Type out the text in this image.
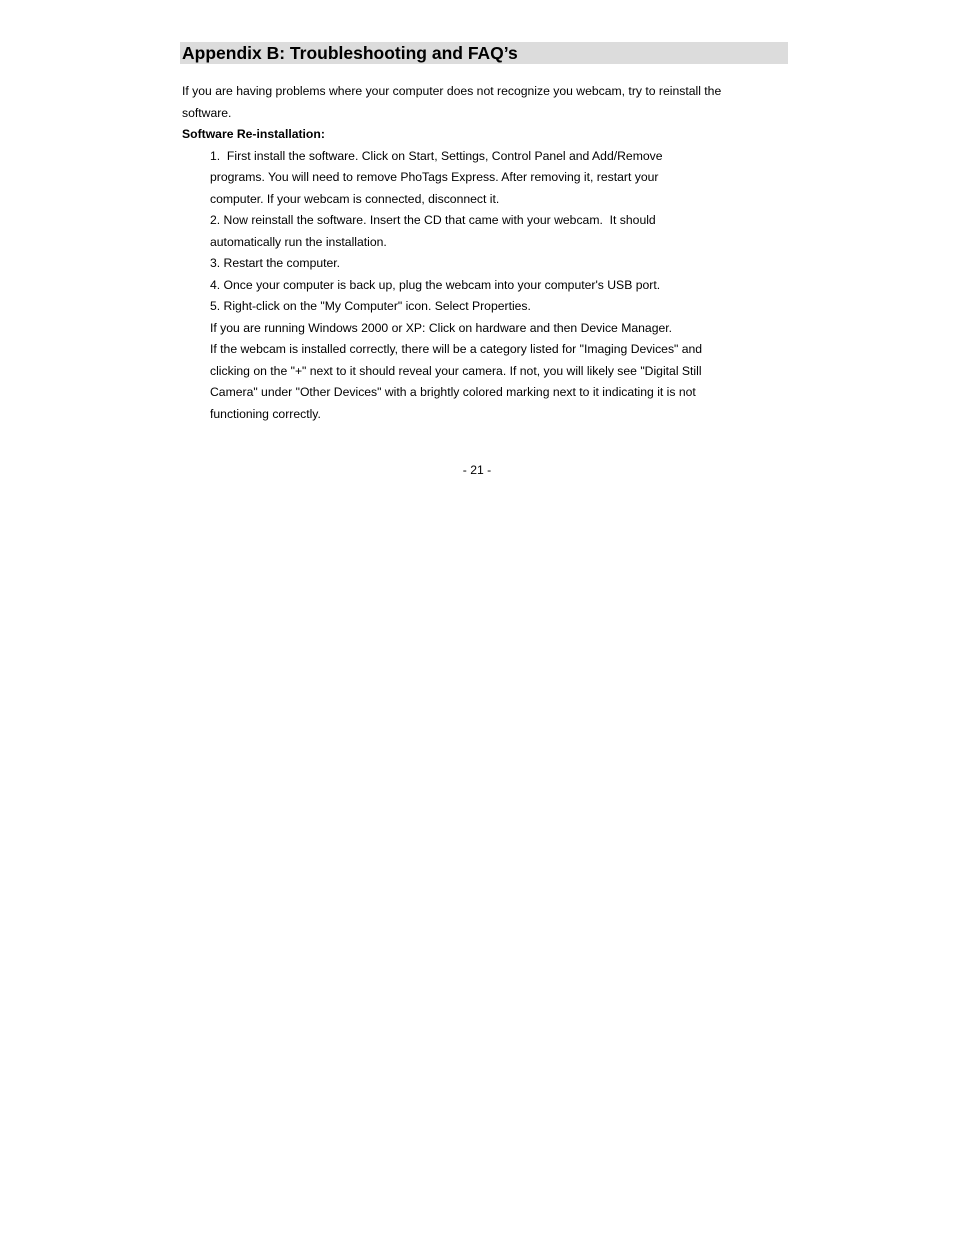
Appendix B: Troubleshooting and FAQ’s
If you are having problems where your computer does not recognize you webcam, try to reinstall the
software.
Software Re-installation:
1.  First install the software. Click on Start, Settings, Control Panel and Add/Remove
programs. You will need to remove PhoTags Express. After removing it, restart your
computer. If your webcam is connected, disconnect it.
2. Now reinstall the software. Insert the CD that came with your webcam.  It should
automatically run the installation.
3. Restart the computer.
4. Once your computer is back up, plug the webcam into your computer's USB port.
5. Right-click on the "My Computer" icon. Select Properties.
If you are running Windows 2000 or XP: Click on hardware and then Device Manager.
If the webcam is installed correctly, there will be a category listed for "Imaging Devices" and
clicking on the "+" next to it should reveal your camera. If not, you will likely see "Digital Still
Camera" under "Other Devices" with a brightly colored marking next to it indicating it is not
functioning correctly.
- 21 -
